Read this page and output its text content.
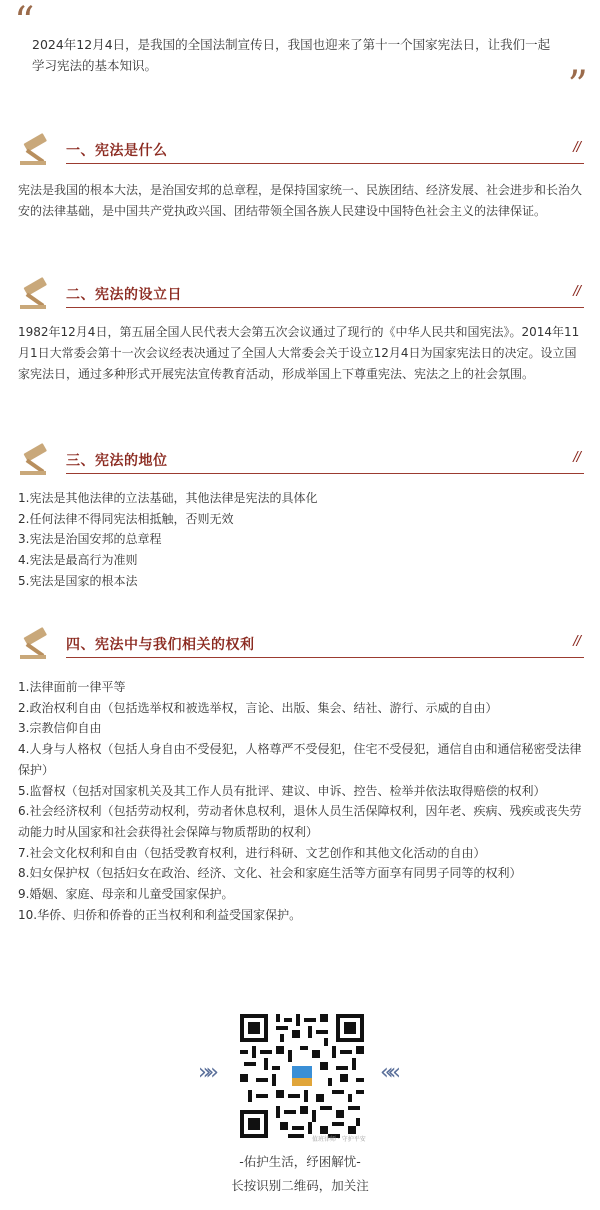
“
2024年12月4日，是我国的全国法制宣传日，我国也迎来了第十一个国家宪法日，让我们一起学习宪法的基本知识。	”
一、宪法是什么	//
宪法是我国的根本大法，是治国安邦的总章程，是保持国家统一、民族团结、经济发展、社会进步和长治久安的法律基础，是中国共产党执政兴国、团结带领全国各族人民建设中国特色社会主义的法律保证。
二、宪法的设立日	//
1982年12月4日，第五届全国人民代表大会第五次会议通过了现行的《中华人民共和国宪法》。2014年11月1日大常委会第十一次会议经表决通过了全国人大常委会关于设立12月4日为国家宪法日的决定。设立国家宪法日，通过多种形式开展宪法宣传教育活动，形成举国上下尊重宪法、宪法之上的社会氛围。
三、宪法的地位	//
1.宪法是其他法律的立法基础，其他法律是宪法的具体化
2.任何法律不得同宪法相抵触，否则无效
3.宪法是治国安邦的总章程
4.宪法是最高行为准则
5.宪法是国家的根本法
四、宪法中与我们相关的权利	//
1.法律面前一律平等
2.政治权利自由（包括选举权和被选举权，言论、出版、集会、结社、游行、示威的自由）
3.宗教信仰自由
4.人身与人格权（包括人身自由不受侵犯，人格尊严不受侵犯，住宅不受侵犯，通信自由和通信秘密受法律保护）
5.监督权（包括对国家机关及其工作人员有批评、建议、申诉、控告、检举并依法取得赔偿的权利）
6.社会经济权利（包括劳动权利，劳动者休息权利，退休人员生活保障权利，因年老、疾病、残疾或丧失劳动能力时从国家和社会获得社会保障与物质帮助的权利）
7.社会文化权利和自由（包括受教育权利，进行科研、文艺创作和其他文化活动的自由）
8.妇女保护权（包括妇女在政治、经济、文化、社会和家庭生活等方面享有同男子同等的权利）
9.婚姻、家庭、母亲和儿童受国家保护。
10.华侨、归侨和侨眷的正当权利和利益受国家保护。
»»	««
值班律师 · 守护平安
-佑护生活，纾困解忧-
长按识别二维码，加关注
